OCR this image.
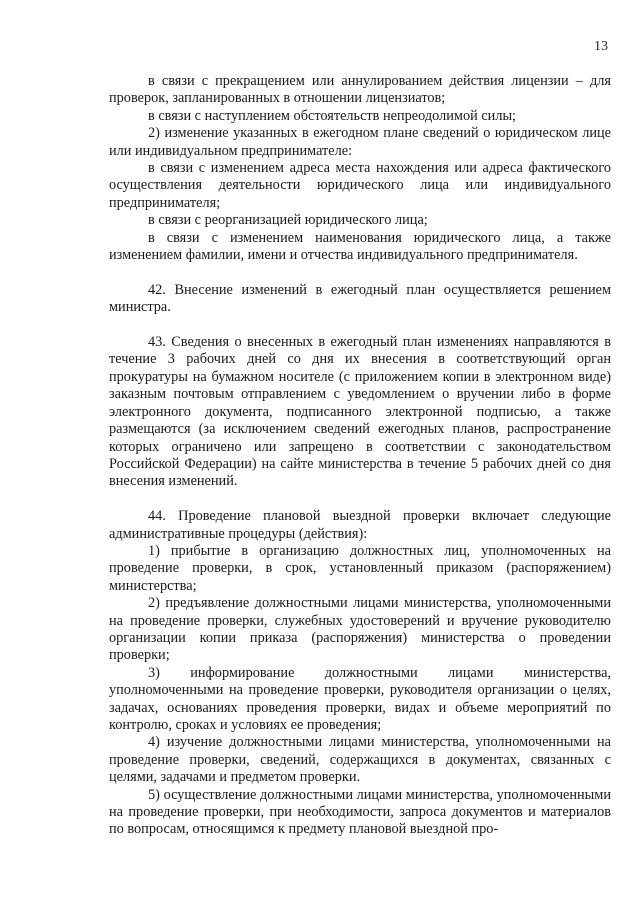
13

в связи с прекращением или аннулированием действия лицензии – для проверок, запланированных в отношении лицензиатов;

в связи с наступлением обстоятельств непреодолимой силы;

2) изменение указанных в ежегодном плане сведений о юридическом лице или индивидуальном предпринимателе:

в связи с изменением адреса места нахождения или адреса фактического осуществления деятельности юридического лица или индивидуального предпринимателя;

в связи с реорганизацией юридического лица;

в связи с изменением наименования юридического лица, а также изменением фамилии, имени и отчества индивидуального предпринимателя.

42. Внесение изменений в ежегодный план осуществляется решением министра.

43. Сведения о внесенных в ежегодный план изменениях направляются в течение 3 рабочих дней со дня их внесения в соответствующий орган прокуратуры на бумажном носителе (с приложением копии в электронном виде) заказным почтовым отправлением с уведомлением о вручении либо в форме электронного документа, подписанного электронной подписью, а также размещаются (за исключением сведений ежегодных планов, распространение которых ограничено или запрещено в соответствии с законодательством Российской Федерации) на сайте министерства в течение 5 рабочих дней со дня внесения изменений.

44. Проведение плановой выездной проверки включает следующие административные процедуры (действия):

1) прибытие в организацию должностных лиц, уполномоченных на проведение проверки, в срок, установленный приказом (распоряжением) министерства;

2) предъявление должностными лицами министерства, уполномоченными на проведение проверки, служебных удостоверений и вручение руководителю организации копии приказа (распоряжения) министерства о проведении проверки;

3) информирование должностными лицами министерства, уполномоченными на проведение проверки, руководителя организации о целях, задачах, основаниях проведения проверки, видах и объеме мероприятий по контролю, сроках и условиях ее проведения;

4) изучение должностными лицами министерства, уполномоченными на проведение проверки, сведений, содержащихся в документах, связанных с целями, задачами и предметом проверки.

5) осуществление должностными лицами министерства, уполномоченными на проведение проверки, при необходимости, запроса документов и материалов по вопросам, относящимся к предмету плановой выездной про-
